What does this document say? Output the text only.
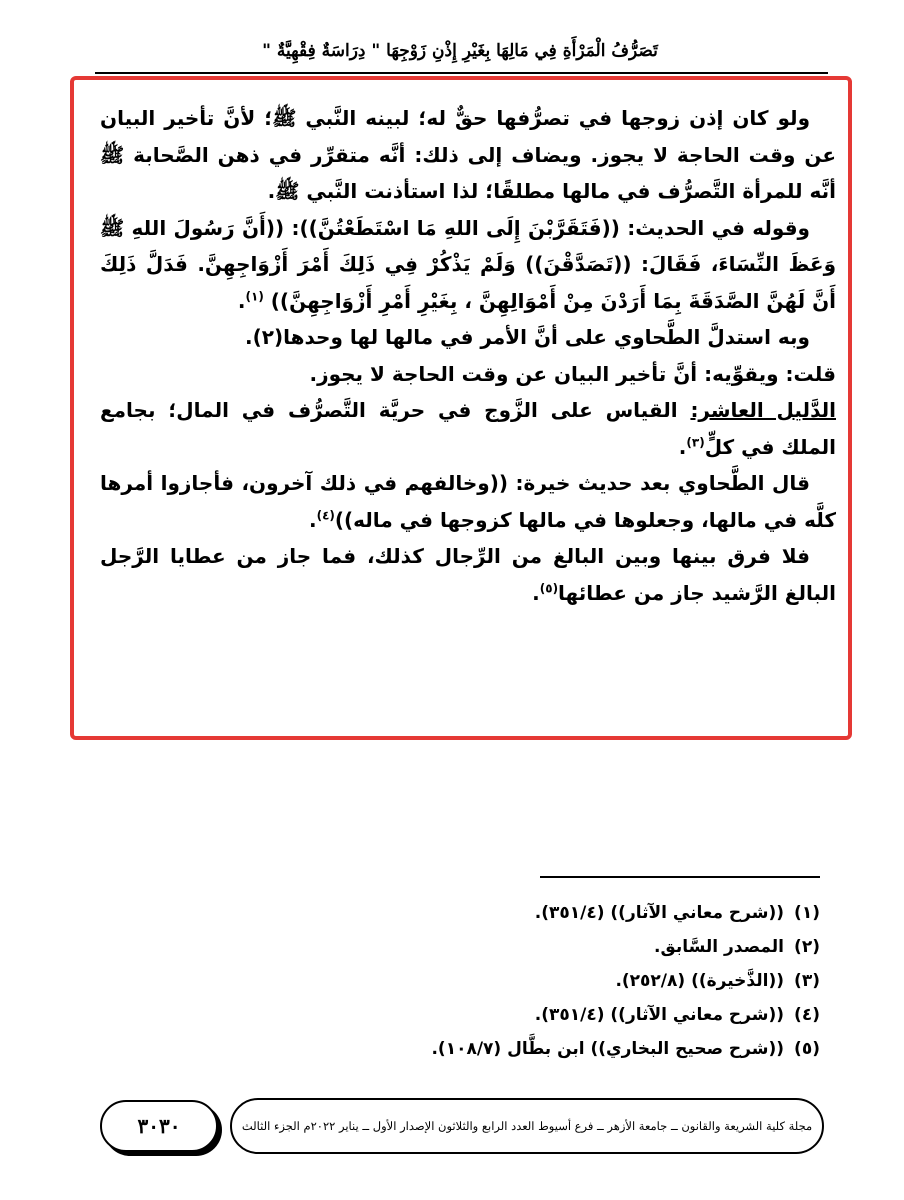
تَصَرُّفُ الْمَرْأَةِ فِي مَالِهَا بِغَيْرِ إِذْنِ زَوْجِهَا " دِرَاسَةٌ فِقْهِيَّةٌ "

ولو كان إذن زوجها في تصرُّفها حقٌّ له؛ لبينه النَّبي ﷺ؛ لأنَّ تأخير البيان عن وقت الحاجة لا يجوز. ويضاف إلى ذلك: أنَّه متقرِّر في ذهن الصَّحابة ﷺ أنَّه للمرأة التَّصرُّف في مالها مطلقًا؛ لذا استأذنت النَّبي ﷺ.

وقوله في الحديث: ((فَتَقَرَّبْنَ إِلَى اللهِ مَا اسْتَطَعْتُنَّ)): ((أَنَّ رَسُولَ اللهِ ﷺ وَعَظَ النِّسَاءَ، فَقَالَ: ((تَصَدَّقْنَ)) وَلَمْ يَذْكُرْ فِي ذَلِكَ أَمْرَ أَزْوَاجِهِنَّ. فَدَلَّ ذَلِكَ أَنَّ لَهُنَّ الصَّدَقَةَ بِمَا أَرَدْنَ مِنْ أَمْوَالِهِنَّ ، بِغَيْرِ أَمْرِ أَزْوَاجِهِنَّ)) $^{(١)}$.

وبه استدلَّ الطَّحاوي على أنَّ الأمر في مالها لها وحدها(٢).

قلت: ويقوِّيه: أنَّ تأخير البيان عن وقت الحاجة لا يجوز.

الدَّليل العاشر: القياس على الزَّوج في حريَّة التَّصرُّف في المال؛ بجامع الملك في كلٍّ$^{(٣)}$.

قال الطَّحاوي بعد حديث خيرة: ((وخالفهم في ذلك آخرون، فأجازوا أمرها كلَّه في مالها، وجعلوها في مالها كزوجها في ماله))$^{(٤)}$.

فلا فرق بينها وبين البالغ من الرِّجال كذلك، فما جاز من عطايا الرَّجل البالغ الرَّشيد جاز من عطائها$^{(٥)}$.

(١)
((شرح معاني الآثار)) (٣٥١/٤).
(٢)
المصدر السَّابق.
(٣)
((الذَّخيرة)) (٢٥٢/٨).
(٤)
((شرح معاني الآثار)) (٣٥١/٤).
(٥)
((شرح صحيح البخاري)) ابن بطَّال (١٠٨/٧).
٣٠٣٠	مجلة كلية الشريعة والقانون ــ جامعة الأزهر ــ فرع أسيوط العدد الرابع والثلاثون الإصدار الأول ــ يناير ٢٠٢٢م الجزء الثالث
